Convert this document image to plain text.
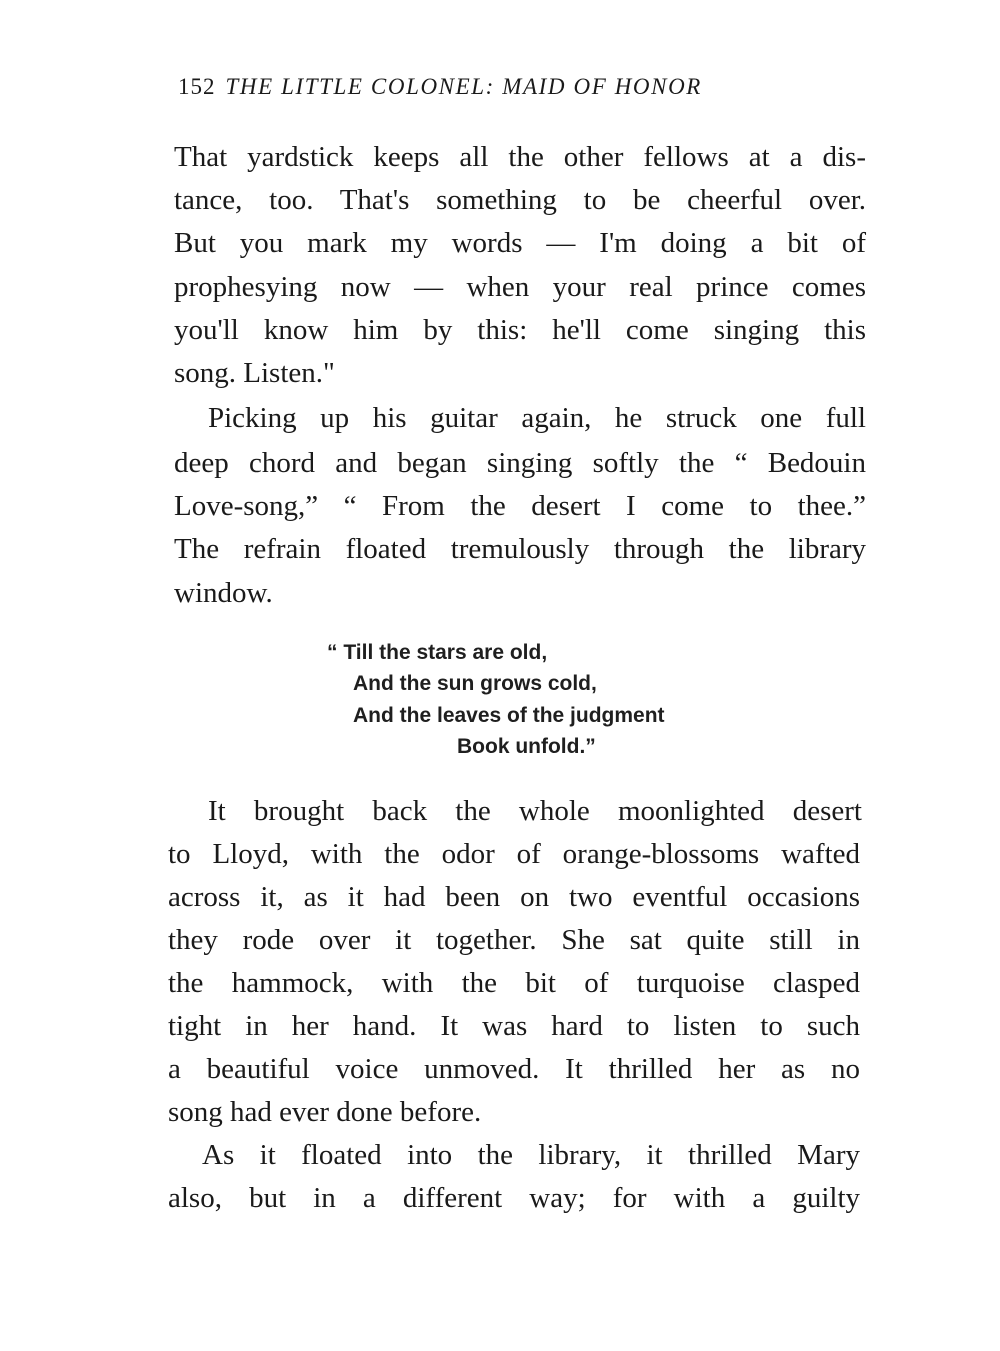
152 THE LITTLE COLONEL: MAID OF HONOR
That yardstick keeps all the other fellows at a dis-
tance, too. That's something to be cheerful over.
But you mark my words — I'm doing a bit of
prophesying now — when your real prince comes
you'll know him by this: he'll come singing this
song. Listen."
Picking up his guitar again, he struck one full
deep chord and began singing softly the “ Bedouin
Love-song,” “ From the desert I come to thee.”
The refrain floated tremulously through the library
window.
“ Till the stars are old,
And the sun grows cold,
And the leaves of the judgment
Book unfold.”
It brought back the whole moonlighted desert
to Lloyd, with the odor of orange-blossoms wafted
across it, as it had been on two eventful occasions
they rode over it together. She sat quite still in
the hammock, with the bit of turquoise clasped
tight in her hand. It was hard to listen to such
a beautiful voice unmoved. It thrilled her as no
song had ever done before.
As it floated into the library, it thrilled Mary
also, but in a different way; for with a guilty
